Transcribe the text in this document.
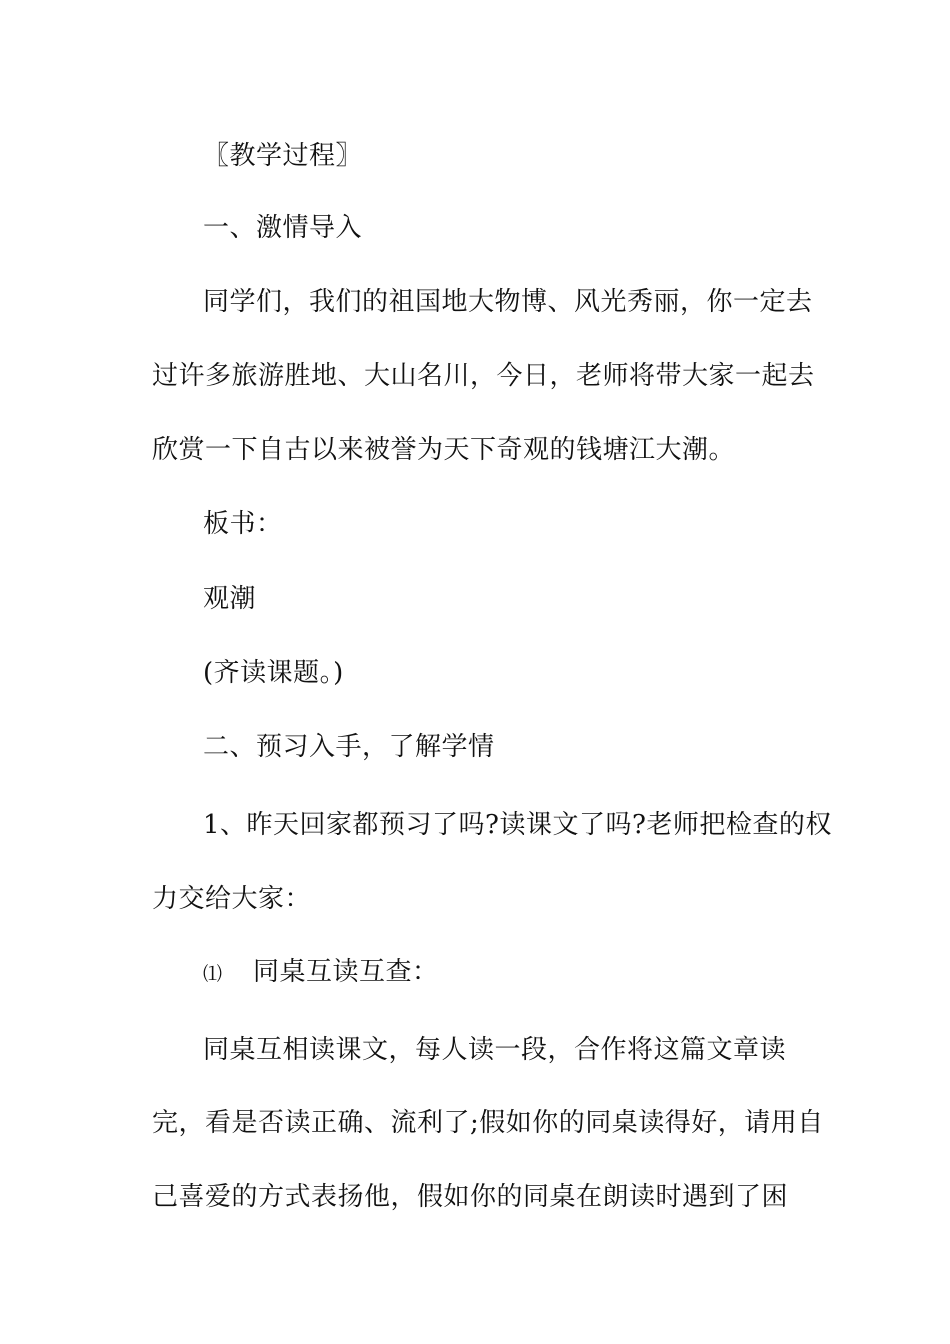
〖教学过程〗
一、激情导入
同学们，我们的祖国地大物博、风光秀丽，你一定去
过许多旅游胜地、大山名川，今日，老师将带大家一起去
欣赏一下自古以来被誉为天下奇观的钱塘江大潮。
板书：
观潮
(齐读课题。)
二、预习入手，了解学情
1、昨天回家都预习了吗?读课文了吗?老师把检查的权
力交给大家：
⑴ 同桌互读互查：
同桌互相读课文，每人读一段，合作将这篇文章读
完，看是否读正确、流利了;假如你的同桌读得好，请用自
己喜爱的方式表扬他，假如你的同桌在朗读时遇到了困
